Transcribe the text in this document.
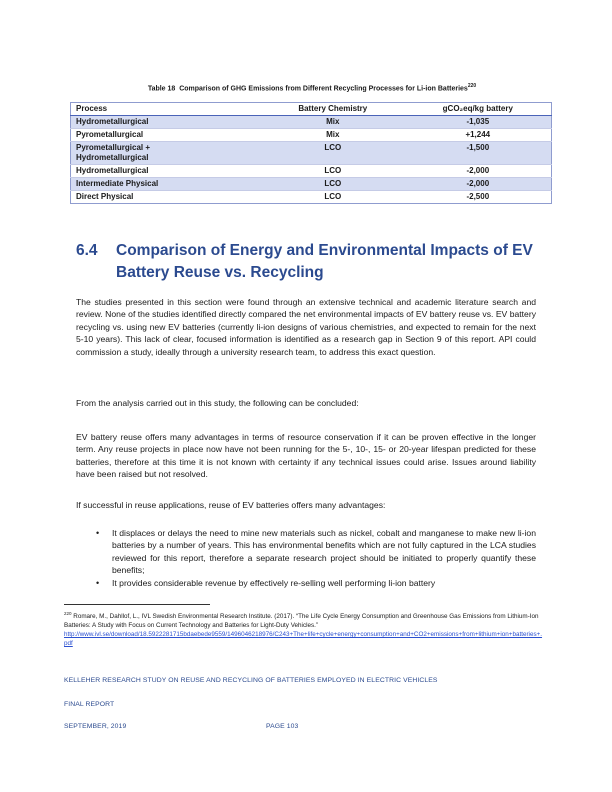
Table 18 Comparison of GHG Emissions from Different Recycling Processes for Li-ion Batteries$^{220}$
Process	Battery Chemistry	gCO₂eq/kg battery
Hydrometallurgical	Mix	-1,035
Pyrometallurgical	Mix	+1,244

Pyrometallurgical +
Hydrometallurgical	LCO	-1,500
Hydrometallurgical	LCO	-2,000
Intermediate Physical	LCO	-2,000
Direct Physical	LCO	-2,500
6.4 Comparison of Energy and Environmental Impacts of EV
Battery Reuse vs. Recycling

The studies presented in this section were found through an extensive technical and academic literature search and review. None of the studies identified directly compared the net environmental impacts of EV battery reuse vs. EV battery recycling vs. using new EV batteries (currently li-ion designs of various chemistries, and expected to remain for the next 5-10 years). This lack of clear, focused information is identified as a research gap in Section 9 of this report. API could commission a study, ideally through a university research team, to address this exact question.

From the analysis carried out in this study, the following can be concluded:

EV battery reuse offers many advantages in terms of resource conservation if it can be proven effective in the longer term. Any reuse projects in place now have not been running for the 5-, 10-, 15- or 20-year lifespan predicted for these batteries, therefore at this time it is not known with certainty if any technical issues could arise. Issues around liability have been raised but not resolved.

If successful in reuse applications, reuse of EV batteries offers many advantages:

• It displaces or delays the need to mine new materials such as nickel, cobalt and manganese to make new li-ion batteries by a number of years. This has environmental benefits which are not fully captured in the LCA studies reviewed for this report, therefore a separate research project should be initiated to properly quantify these benefits;
• It provides considerable revenue by effectively re-selling well performing li-ion battery

$^{220}$ Romare, M., Dahllof, L., IVL Swedish Environmental Research Institute. (2017). “The Life Cycle Energy Consumption and Greenhouse Gas Emissions from Lithium-Ion Batteries: A Study with Focus on Current Technology and Batteries for Light-Duty Vehicles.”
http://www.ivl.se/download/18.5922281715bdaebede9559/1496046218976/C243+The+life+cycle+energy+consumption+and+CO2+emissions+from+lithium+ion+batteries+.pdf

KELLEHER RESEARCH STUDY ON REUSE AND RECYCLING OF BATTERIES EMPLOYED IN ELECTRIC VEHICLES

FINAL REPORT

SEPTEMBER, 2019	PAGE 103
